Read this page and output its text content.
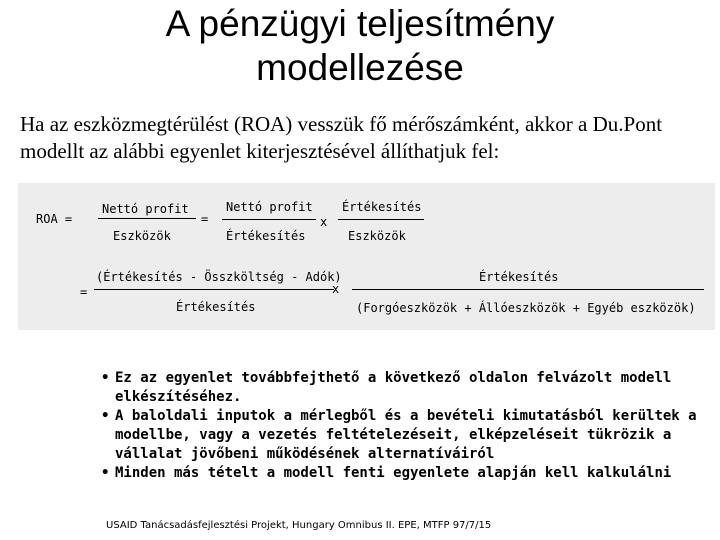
A pénzügyi teljesítmény
modellezése
Ha az eszközmegtérülést (ROA) vesszük fő mérőszámként, akkor a Du.Pont modellt az alábbi egyenlet kiterjesztésével állíthatjuk fel:
ROA =
Nettó profit
Eszközök
=
Nettó profit
Értékesítés
x
Értékesítés
Eszközök
=
(Értékesítés - Összköltség - Adók)
Értékesítés
x
Értékesítés
(Forgóeszközök + Állóeszközök + Egyéb eszközök)
• Ez az egyenlet továbbfejthető a következő oldalon felvázolt modell elkészítéséhez.
• A baloldali inputok a mérlegből és a bevételi kimutatásból kerültek a modellbe, vagy a vezetés feltételezéseit, elképzeléseit tükrözik a vállalat jövőbeni működésének alternatíváiról
• Minden más tételt a modell fenti egyenlete alapján kell kalkulálni
USAID Tanácsadásfejlesztési Projekt, Hungary Omnibus II. EPE, MTFP 97/7/15
